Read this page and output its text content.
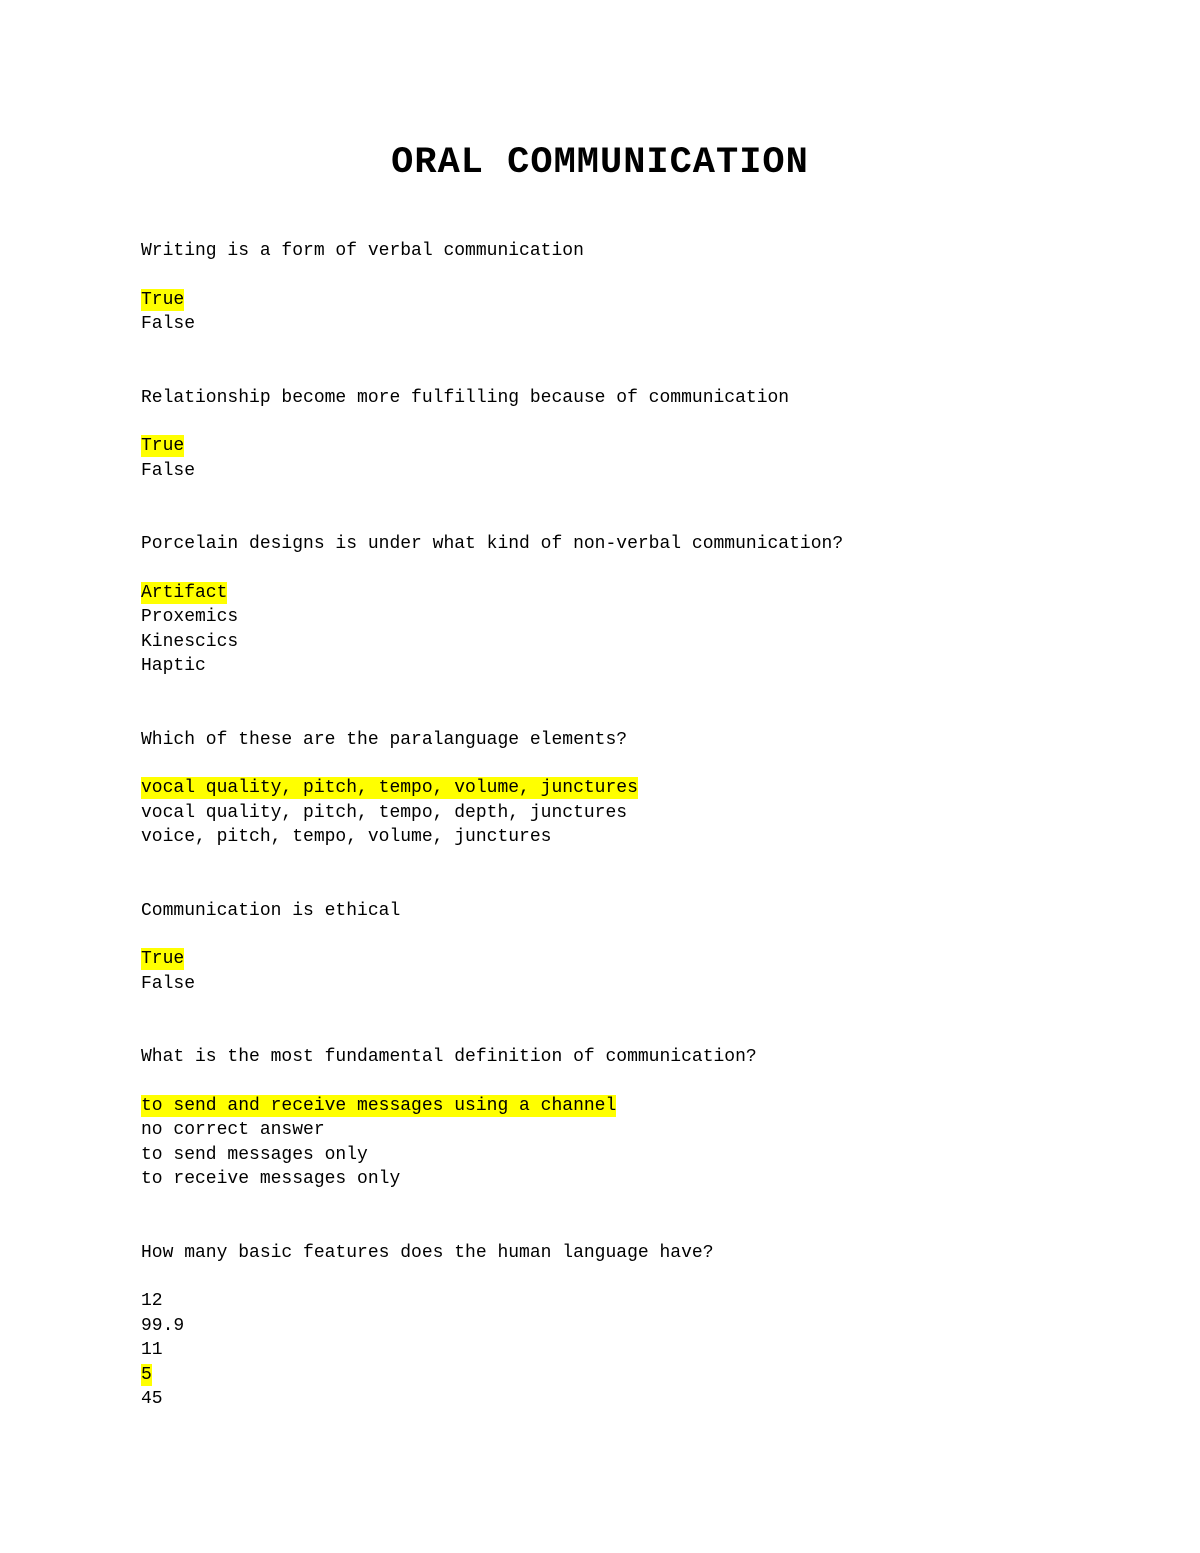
ORAL COMMUNICATION
Writing is a form of verbal communication
True
False
Relationship become more fulfilling because of communication
True
False
Porcelain designs is under what kind of non-verbal communication?
Artifact
Proxemics
Kinescics
Haptic
Which of these are the paralanguage elements?
vocal quality, pitch, tempo, volume, junctures
vocal quality, pitch, tempo, depth, junctures
voice, pitch, tempo, volume, junctures
Communication is ethical
True
False
What is the most fundamental definition of communication?
to send and receive messages using a channel
no correct answer
to send messages only
to receive messages only
How many basic features does the human language have?
12
99.9
11
5
45
